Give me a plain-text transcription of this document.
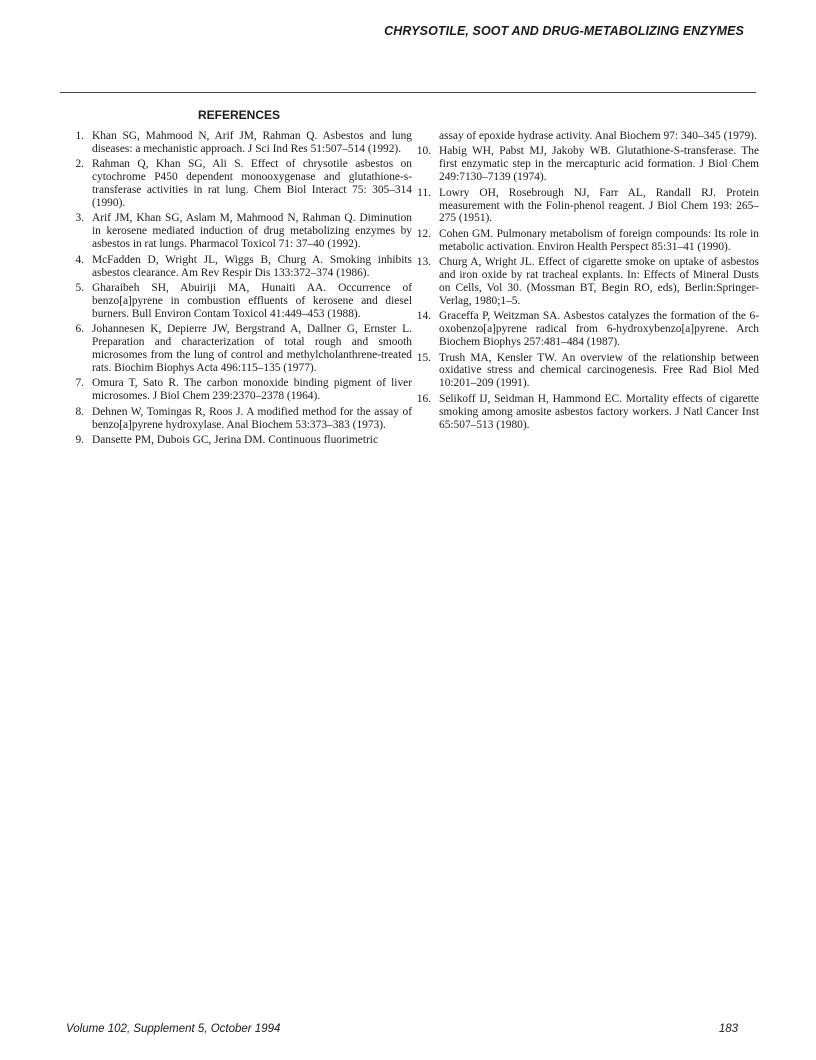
CHRYSOTILE, SOOT AND DRUG-METABOLIZING ENZYMES
REFERENCES
1. Khan SG, Mahmood N, Arif JM, Rahman Q. Asbestos and lung diseases: a mechanistic approach. J Sci Ind Res 51:507–514 (1992).
2. Rahman Q, Khan SG, Ali S. Effect of chrysotile asbestos on cytochrome P450 dependent monooxygenase and glutathione-s-transferase activities in rat lung. Chem Biol Interact 75: 305–314 (1990).
3. Arif JM, Khan SG, Aslam M, Mahmood N, Rahman Q. Diminution in kerosene mediated induction of drug metabolizing enzymes by asbestos in rat lungs. Pharmacol Toxicol 71: 37–40 (1992).
4. McFadden D, Wright JL, Wiggs B, Churg A. Smoking inhibits asbestos clearance. Am Rev Respir Dis 133:372–374 (1986).
5. Gharaibeh SH, Abuiriji MA, Hunaiti AA. Occurrence of benzo[a]pyrene in combustion effluents of kerosene and diesel burners. Bull Environ Contam Toxicol 41:449–453 (1988).
6. Johannesen K, Depierre JW, Bergstrand A, Dallner G, Ernster L. Preparation and characterization of total rough and smooth microsomes from the lung of control and methylcholanthrene-treated rats. Biochim Biophys Acta 496:115–135 (1977).
7. Omura T, Sato R. The carbon monoxide binding pigment of liver microsomes. J Biol Chem 239:2370–2378 (1964).
8. Dehnen W, Tomingas R, Roos J. A modified method for the assay of benzo[a]pyrene hydroxylase. Anal Biochem 53:373–383 (1973).
9. Dansette PM, Dubois GC, Jerina DM. Continuous fluorimetric
assay of epoxide hydrase activity. Anal Biochem 97: 340–345 (1979).
10. Habig WH, Pabst MJ, Jakoby WB. Glutathione-S-transferase. The first enzymatic step in the mercapturic acid formation. J Biol Chem 249:7130–7139 (1974).
11. Lowry OH, Rosebrough NJ, Farr AL, Randall RJ. Protein measurement with the Folin-phenol reagent. J Biol Chem 193: 265–275 (1951).
12. Cohen GM. Pulmonary metabolism of foreign compounds: Its role in metabolic activation. Environ Health Perspect 85:31–41 (1990).
13. Churg A, Wright JL. Effect of cigarette smoke on uptake of asbestos and iron oxide by rat tracheal explants. In: Effects of Mineral Dusts on Cells, Vol 30. (Mossman BT, Begin RO, eds), Berlin:Springer-Verlag, 1980;1–5.
14. Graceffa P, Weitzman SA. Asbestos catalyzes the formation of the 6-oxobenzo[a]pyrene radical from 6-hydroxybenzo[a]pyrene. Arch Biochem Biophys 257:481–484 (1987).
15. Trush MA, Kensler TW. An overview of the relationship between oxidative stress and chemical carcinogenesis. Free Rad Biol Med 10:201–209 (1991).
16. Selikoff IJ, Seidman H, Hammond EC. Mortality effects of cigarette smoking among amosite asbestos factory workers. J Natl Cancer Inst 65:507–513 (1980).
Volume 102, Supplement 5, October 1994	183
